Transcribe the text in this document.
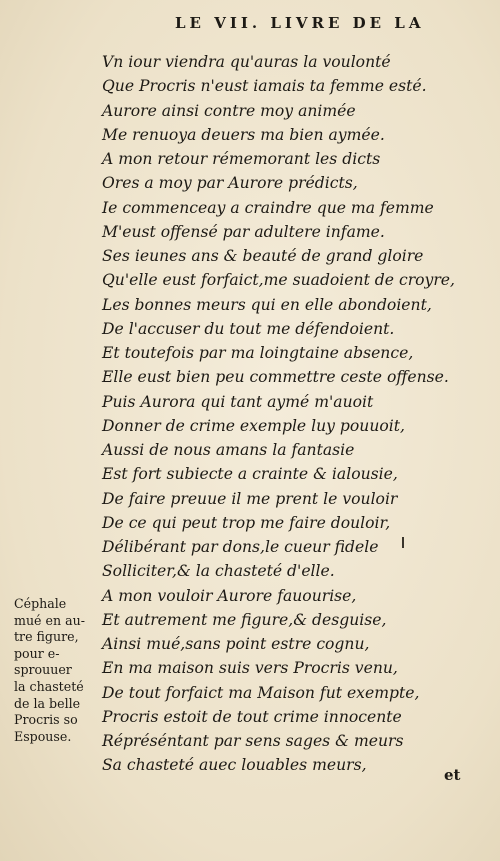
LE VII. LIVRE DE LA
Vn iour viendra qu'auras la voulonté
Que Procris n'eust iamais ta femme esté.
Aurore ainsi contre moy animée
Me renuoya deuers ma bien aymée.
A mon retour rémemorant les dicts
Ores a moy par Aurore prédicts,
Ie commenceay a craindre que ma femme
M'eust offensé par adultere infame.
Ses ieunes ans & beauté de grand gloire
Qu'elle eust forfaict,me suadoient de croyre,
Les bonnes meurs qui en elle abondoient,
De l'accuser du tout me défendoient.
Et toutefois par ma loingtaine absence,
Elle eust bien peu commettre ceste offense.
Puis Aurora qui tant aymé m'auoit
Donner de crime exemple luy pouuoit,
Aussi de nous amans la fantasie
Est fort subiecte a crainte & ialousie,
De faire preuue il me prent le vouloir
De ce qui peut trop me faire douloir,
Délibérant par dons,le cueur fidele
Solliciter,& la chasteté d'elle.
A mon vouloir Aurore fauourise,
Et autrement me figure,& desguise,
Ainsi mué,sans point estre cognu,
En ma maison suis vers Procris venu,
De tout forfaict ma Maison fut exempte,
Procris estoit de tout crime innocente
Répréséntant par sens sages & meurs
Sa chasteté auec louables meurs,
Céphale
mué en au-
tre figure,
pour e-
sprouuer
la chasteté
de la belle
Procris so
Espouse.
et
